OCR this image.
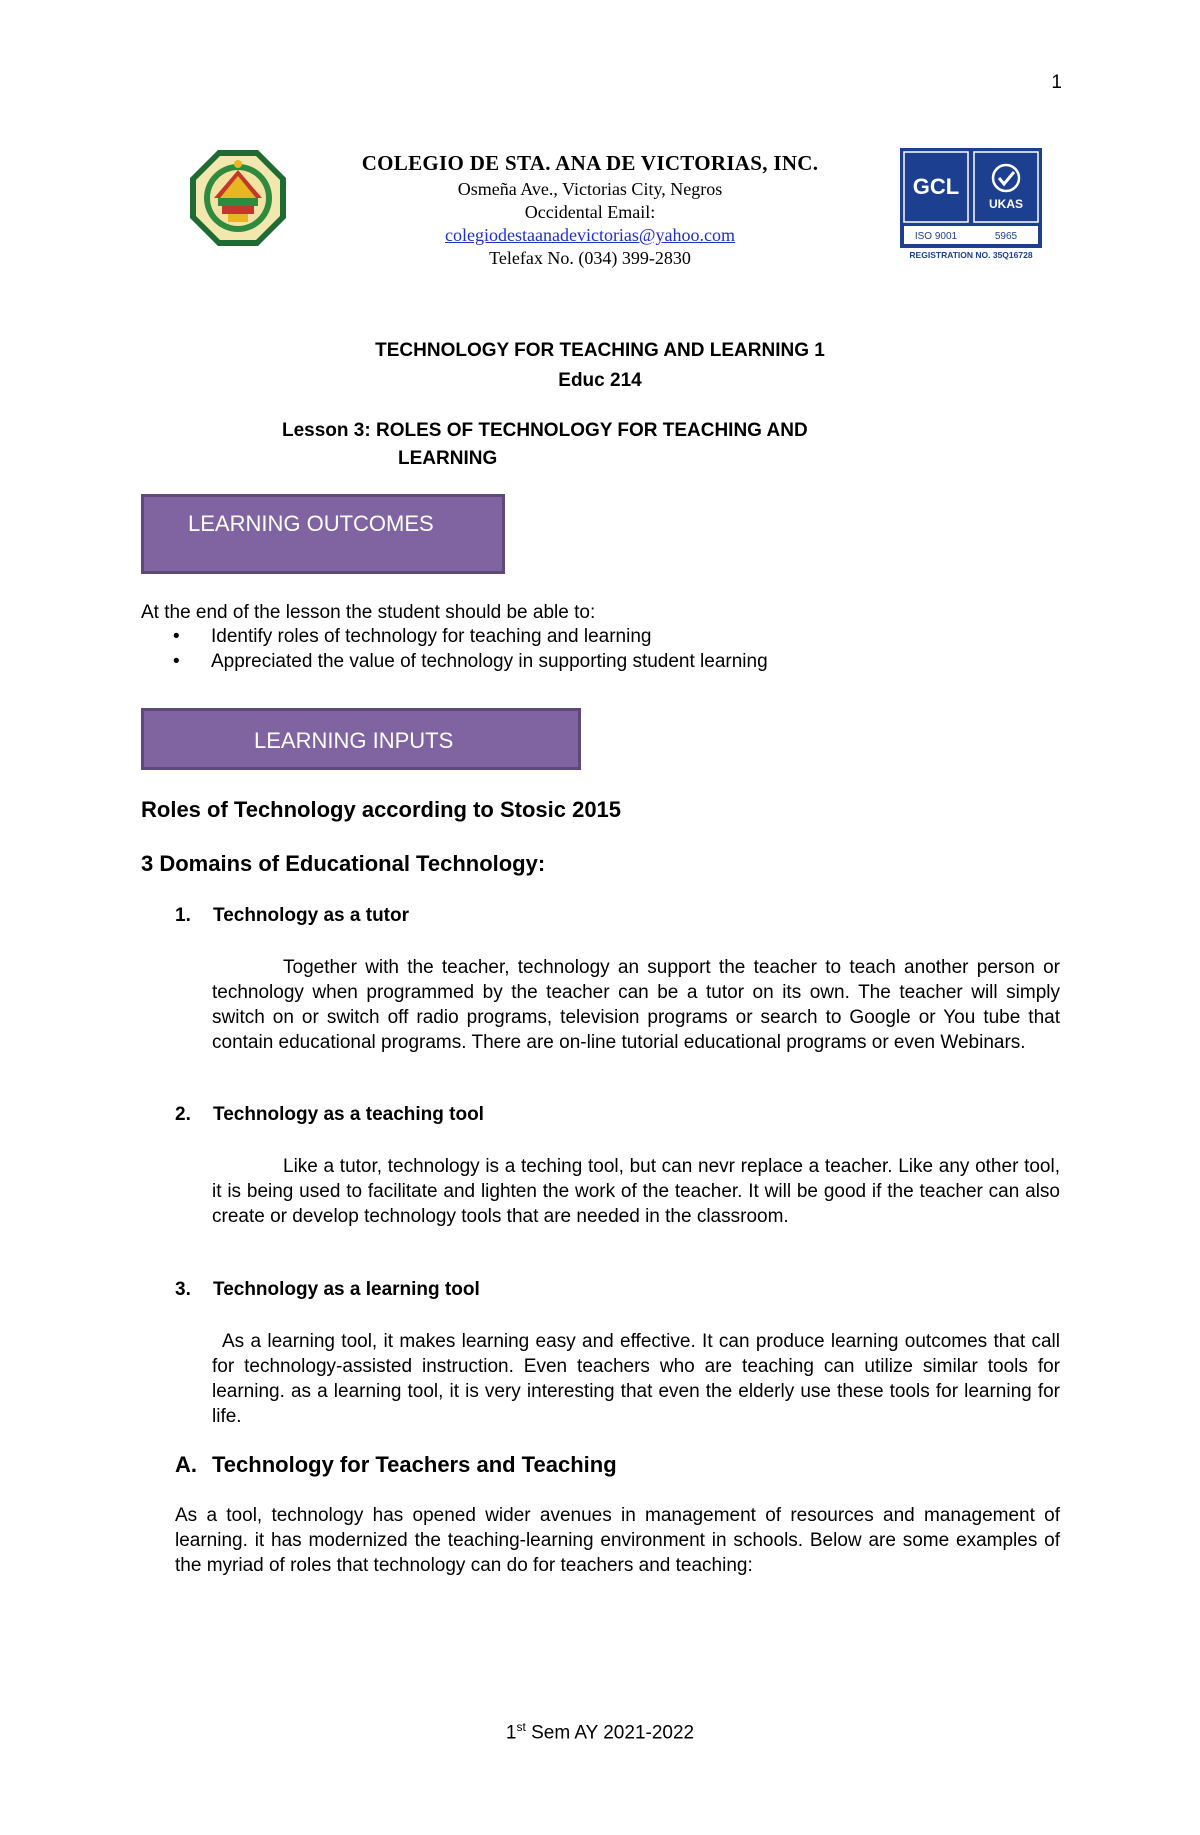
1
GCL
UKAS
ISO 9001	5965
REGISTRATION NO. 35Q16728
COLEGIO DE STA. ANA DE VICTORIAS, INC.
Osmeña Ave., Victorias City, Negros
Occidental Email:
colegiodestaanadevictorias@yahoo.com
Telefax No. (034) 399-2830
TECHNOLOGY FOR TEACHING AND LEARNING 1
Educ 214
Lesson 3: ROLES OF TECHNOLOGY FOR TEACHING AND
LEARNING
LEARNING OUTCOMES
At the end of the lesson the student should be able to:
• Identify roles of technology for teaching and learning
• Appreciated the value of technology in supporting student learning
LEARNING INPUTS
Roles of Technology according to Stosic 2015
3 Domains of Educational Technology:
1. Technology as a tutor
Together with the teacher, technology an support the teacher to teach another person or technology when programmed by the teacher can be a tutor on its own. The teacher will simply switch on or switch off radio programs, television programs or search to Google or You tube that contain educational programs. There are on-line tutorial educational programs or even Webinars.
2. Technology as a teaching tool
Like a tutor, technology is a teching tool, but can nevr replace a teacher. Like any other tool, it is being used to facilitate and lighten the work of the teacher. It will be good if the teacher can also create or develop technology tools that are needed in the classroom.
3. Technology as a learning tool
As a learning tool, it makes learning easy and effective. It can produce learning outcomes that call for technology-assisted instruction. Even teachers who are teaching can utilize similar tools for learning. as a learning tool, it is very interesting that even the elderly use these tools for learning for life.
A. Technology for Teachers and Teaching
As a tool, technology has opened wider avenues in management of resources and management of learning. it has modernized the teaching-learning environment in schools. Below are some examples of the myriad of roles that technology can do for teachers and teaching:
1st Sem AY 2021-2022
